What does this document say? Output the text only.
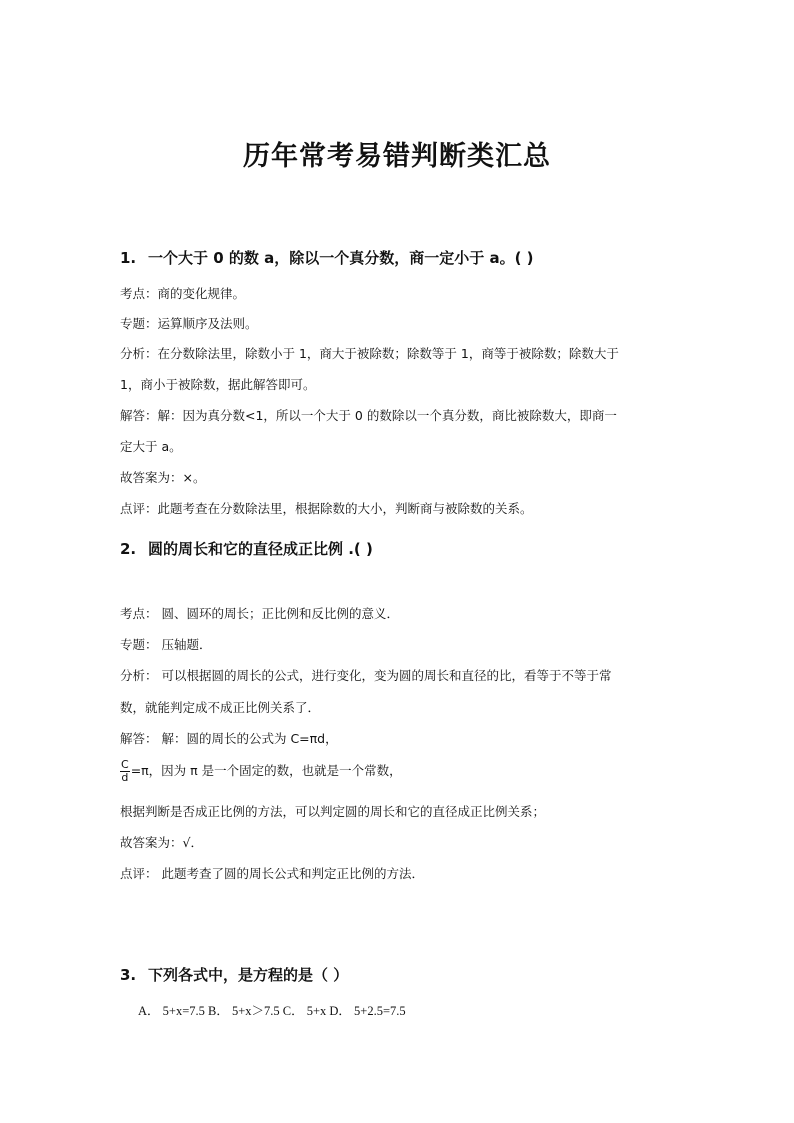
历年常考易错判断类汇总
1. 一个大于 0 的数 a，除以一个真分数，商一定小于 a。( )
考点：商的变化规律。
专题：运算顺序及法则。
分析：在分数除法里，除数小于 1，商大于被除数；除数等于 1，商等于被除数；除数大于
1，商小于被除数，据此解答即可。
解答：解：因为真分数<1，所以一个大于 0 的数除以一个真分数，商比被除数大，即商一
定大于 a。
故答案为：×。
点评：此题考查在分数除法里，根据除数的大小，判断商与被除数的关系。
2. 圆的周长和它的直径成正比例 .( )
考点： 圆、圆环的周长；正比例和反比例的意义．
专题： 压轴题．
分析： 可以根据圆的周长的公式，进行变化，变为圆的周长和直径的比，看等于不等于常
数，就能判定成不成正比例关系了．
解答： 解：圆的周长的公式为 C=πd，
$\frac{C}{d} =\pi$，因为 π 是一个固定的数，也就是一个常数，
根据判断是否成正比例的方法，可以判定圆的周长和它的直径成正比例关系；
故答案为：√．
点评： 此题考查了圆的周长公式和判定正比例的方法．
3. 下列各式中，是方程的是（ ）
A． 5+x=7.5 B． 5+x＞7.5 C． 5+x D． 5+2.5=7.5
